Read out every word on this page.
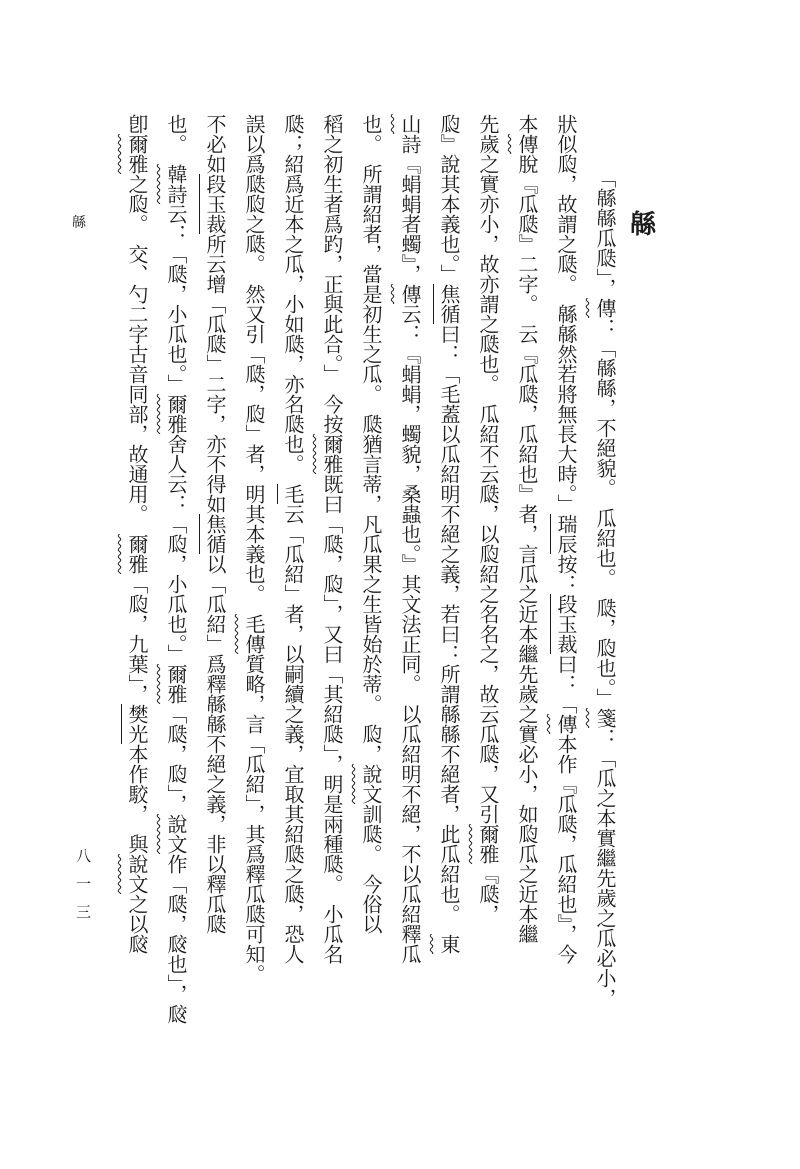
緜
緜	「緜緜瓜瓞」，傳：「緜緜，不絕貌。　瓜紹也。　瓞，瓝也。」箋：「瓜之本實繼先歲之瓜必小，
狀似瓝，故謂之瓞。　緜緜然若將無長大時。」瑞辰按：段玉裁曰：「傳本作『瓜瓞，瓜紹也』，今
本傳脫『瓜瓞』二字。　云『瓜瓞，瓜紹也』者，言瓜之近本繼先歲之實必小，如瓝瓜之近本繼
先歲之實亦小，故亦謂之瓞也。　瓜紹不云瓞，以瓝紹之名名之，故云瓜瓞，又引爾雅『瓞，
瓝』說其本義也。」焦循曰：「毛蓋以瓜紹明不絕之義，若曰：所謂緜緜不絕者，此瓜紹也。　東
山詩『蜎蜎者蠋』，傳云：『蜎蜎，蠋貌，桑蟲也。』其文法正同。　以瓜紹明不絕，不以瓜紹釋瓜
也。　所謂紹者，當是初生之瓜。　瓞猶言蒂，凡瓜果之生皆始於蒂。　瓝，說文訓瓞。　今俗以
稻之初生者爲趵，正與此合。」　今按爾雅既曰「瓞，瓝」，又曰「其紹瓞」，明是兩種瓞。　小瓜名
瓞；紹爲近本之瓜，小如瓞，亦名瓞也。　毛云「瓜紹」者，以嗣續之義，宜取其紹瓞之瓞，恐人
誤以爲瓞瓝之瓞。　然又引「瓞，瓝」者，明其本義也。　毛傳質略，言「瓜紹」，其爲釋瓜瓞可知。
不必如段玉裁所云增「瓜瓞」二字，亦不得如焦循以「瓜紹」爲釋緜緜不絕之義，非以釋瓜瓞
也。　韓詩云：「瓞，小瓜也。」爾雅舍人云：「瓝，小瓜也。」爾雅「瓞，瓝」，說文作「瓞，㼎也」，㼎
卽爾雅之瓝。　交、勺二字古音同部，故通用。　爾雅「瓝，九葉」，樊光本作駮，　與說文之以㼎
八一三
